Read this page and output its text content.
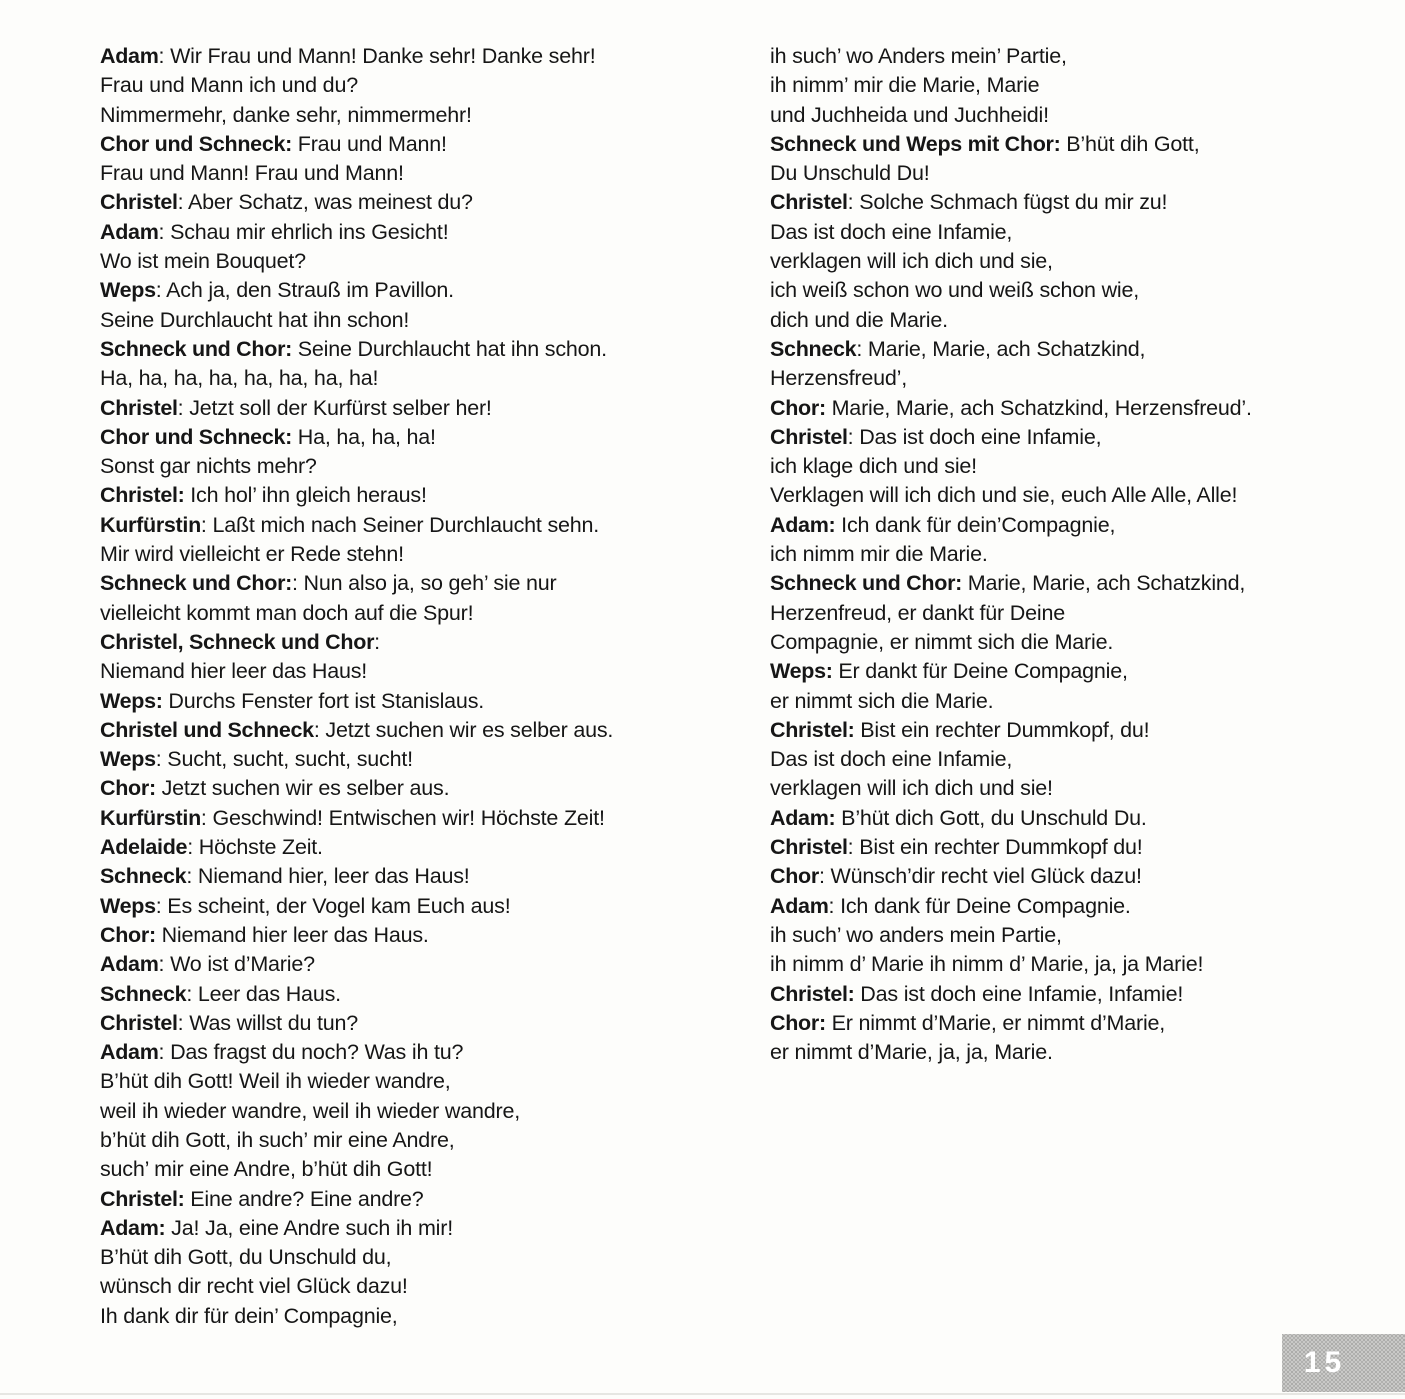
Adam: Wir Frau und Mann! Danke sehr! Danke sehr!

Frau und Mann ich und du?

Nimmermehr, danke sehr, nimmermehr!

Chor und Schneck: Frau und Mann!

Frau und Mann! Frau und Mann!

Christel: Aber Schatz, was meinest du?

Adam: Schau mir ehrlich ins Gesicht!

Wo ist mein Bouquet?

Weps: Ach ja, den Strauß im Pavillon.

Seine Durchlaucht hat ihn schon!

Schneck und Chor: Seine Durchlaucht hat ihn schon.

Ha, ha, ha, ha, ha, ha, ha, ha!

Christel: Jetzt soll der Kurfürst selber her!

Chor und Schneck: Ha, ha, ha, ha!

Sonst gar nichts mehr?

Christel: Ich hol’ ihn gleich heraus!

Kurfürstin: Laßt mich nach Seiner Durchlaucht sehn.

Mir wird vielleicht er Rede stehn!

Schneck und Chor:: Nun also ja, so geh’ sie nur

vielleicht kommt man doch auf die Spur!

Christel, Schneck und Chor:

Niemand hier leer das Haus!

Weps: Durchs Fenster fort ist Stanislaus.

Christel und Schneck: Jetzt suchen wir es selber aus.

Weps: Sucht, sucht, sucht, sucht!

Chor: Jetzt suchen wir es selber aus.

Kurfürstin: Geschwind! Entwischen wir! Höchste Zeit!

Adelaide: Höchste Zeit.

Schneck: Niemand hier, leer das Haus!

Weps: Es scheint, der Vogel kam Euch aus!

Chor: Niemand hier leer das Haus.

Adam: Wo ist d’Marie?

Schneck: Leer das Haus.

Christel: Was willst du tun?

Adam: Das fragst du noch? Was ih tu?

B’hüt dih Gott! Weil ih wieder wandre,

weil ih wieder wandre, weil ih wieder wandre,

b’hüt dih Gott, ih such’ mir eine Andre,

such’ mir eine Andre, b’hüt dih Gott!

Christel: Eine andre? Eine andre?

Adam: Ja! Ja, eine Andre such ih mir!

B’hüt dih Gott, du Unschuld du,

wünsch dir recht viel Glück dazu!

Ih dank dir für dein’ Compagnie,

ih such’ wo Anders mein’ Partie,

ih nimm’ mir die Marie, Marie

und Juchheida und Juchheidi!

Schneck und Weps mit Chor: B’hüt dih Gott,

Du Unschuld Du!

Christel: Solche Schmach fügst du mir zu!

Das ist doch eine Infamie,

verklagen will ich dich und sie,

ich weiß schon wo und weiß schon wie,

dich und die Marie.

Schneck: Marie, Marie, ach Schatzkind,

Herzensfreud’,

Chor: Marie, Marie, ach Schatzkind, Herzensfreud’.

Christel: Das ist doch eine Infamie,

ich klage dich und sie!

Verklagen will ich dich und sie, euch Alle Alle, Alle!

Adam: Ich dank für dein’Compagnie,

ich nimm mir die Marie.

Schneck und Chor: Marie, Marie, ach Schatzkind,

Herzenfreud, er dankt für Deine

Compagnie, er nimmt sich die Marie.

Weps: Er dankt für Deine Compagnie,

er nimmt sich die Marie.

Christel: Bist ein rechter Dummkopf, du!

Das ist doch eine Infamie,

verklagen will ich dich und sie!

Adam: B’hüt dich Gott, du Unschuld Du.

Christel: Bist ein rechter Dummkopf du!

Chor: Wünsch’dir recht viel Glück dazu!

Adam: Ich dank für Deine Compagnie.

ih such’ wo anders mein Partie,

ih nimm d’ Marie ih nimm d’ Marie, ja, ja Marie!

Christel: Das ist doch eine Infamie, Infamie!

Chor: Er nimmt d’Marie, er nimmt d’Marie,

er nimmt d’Marie, ja, ja, Marie.

15
